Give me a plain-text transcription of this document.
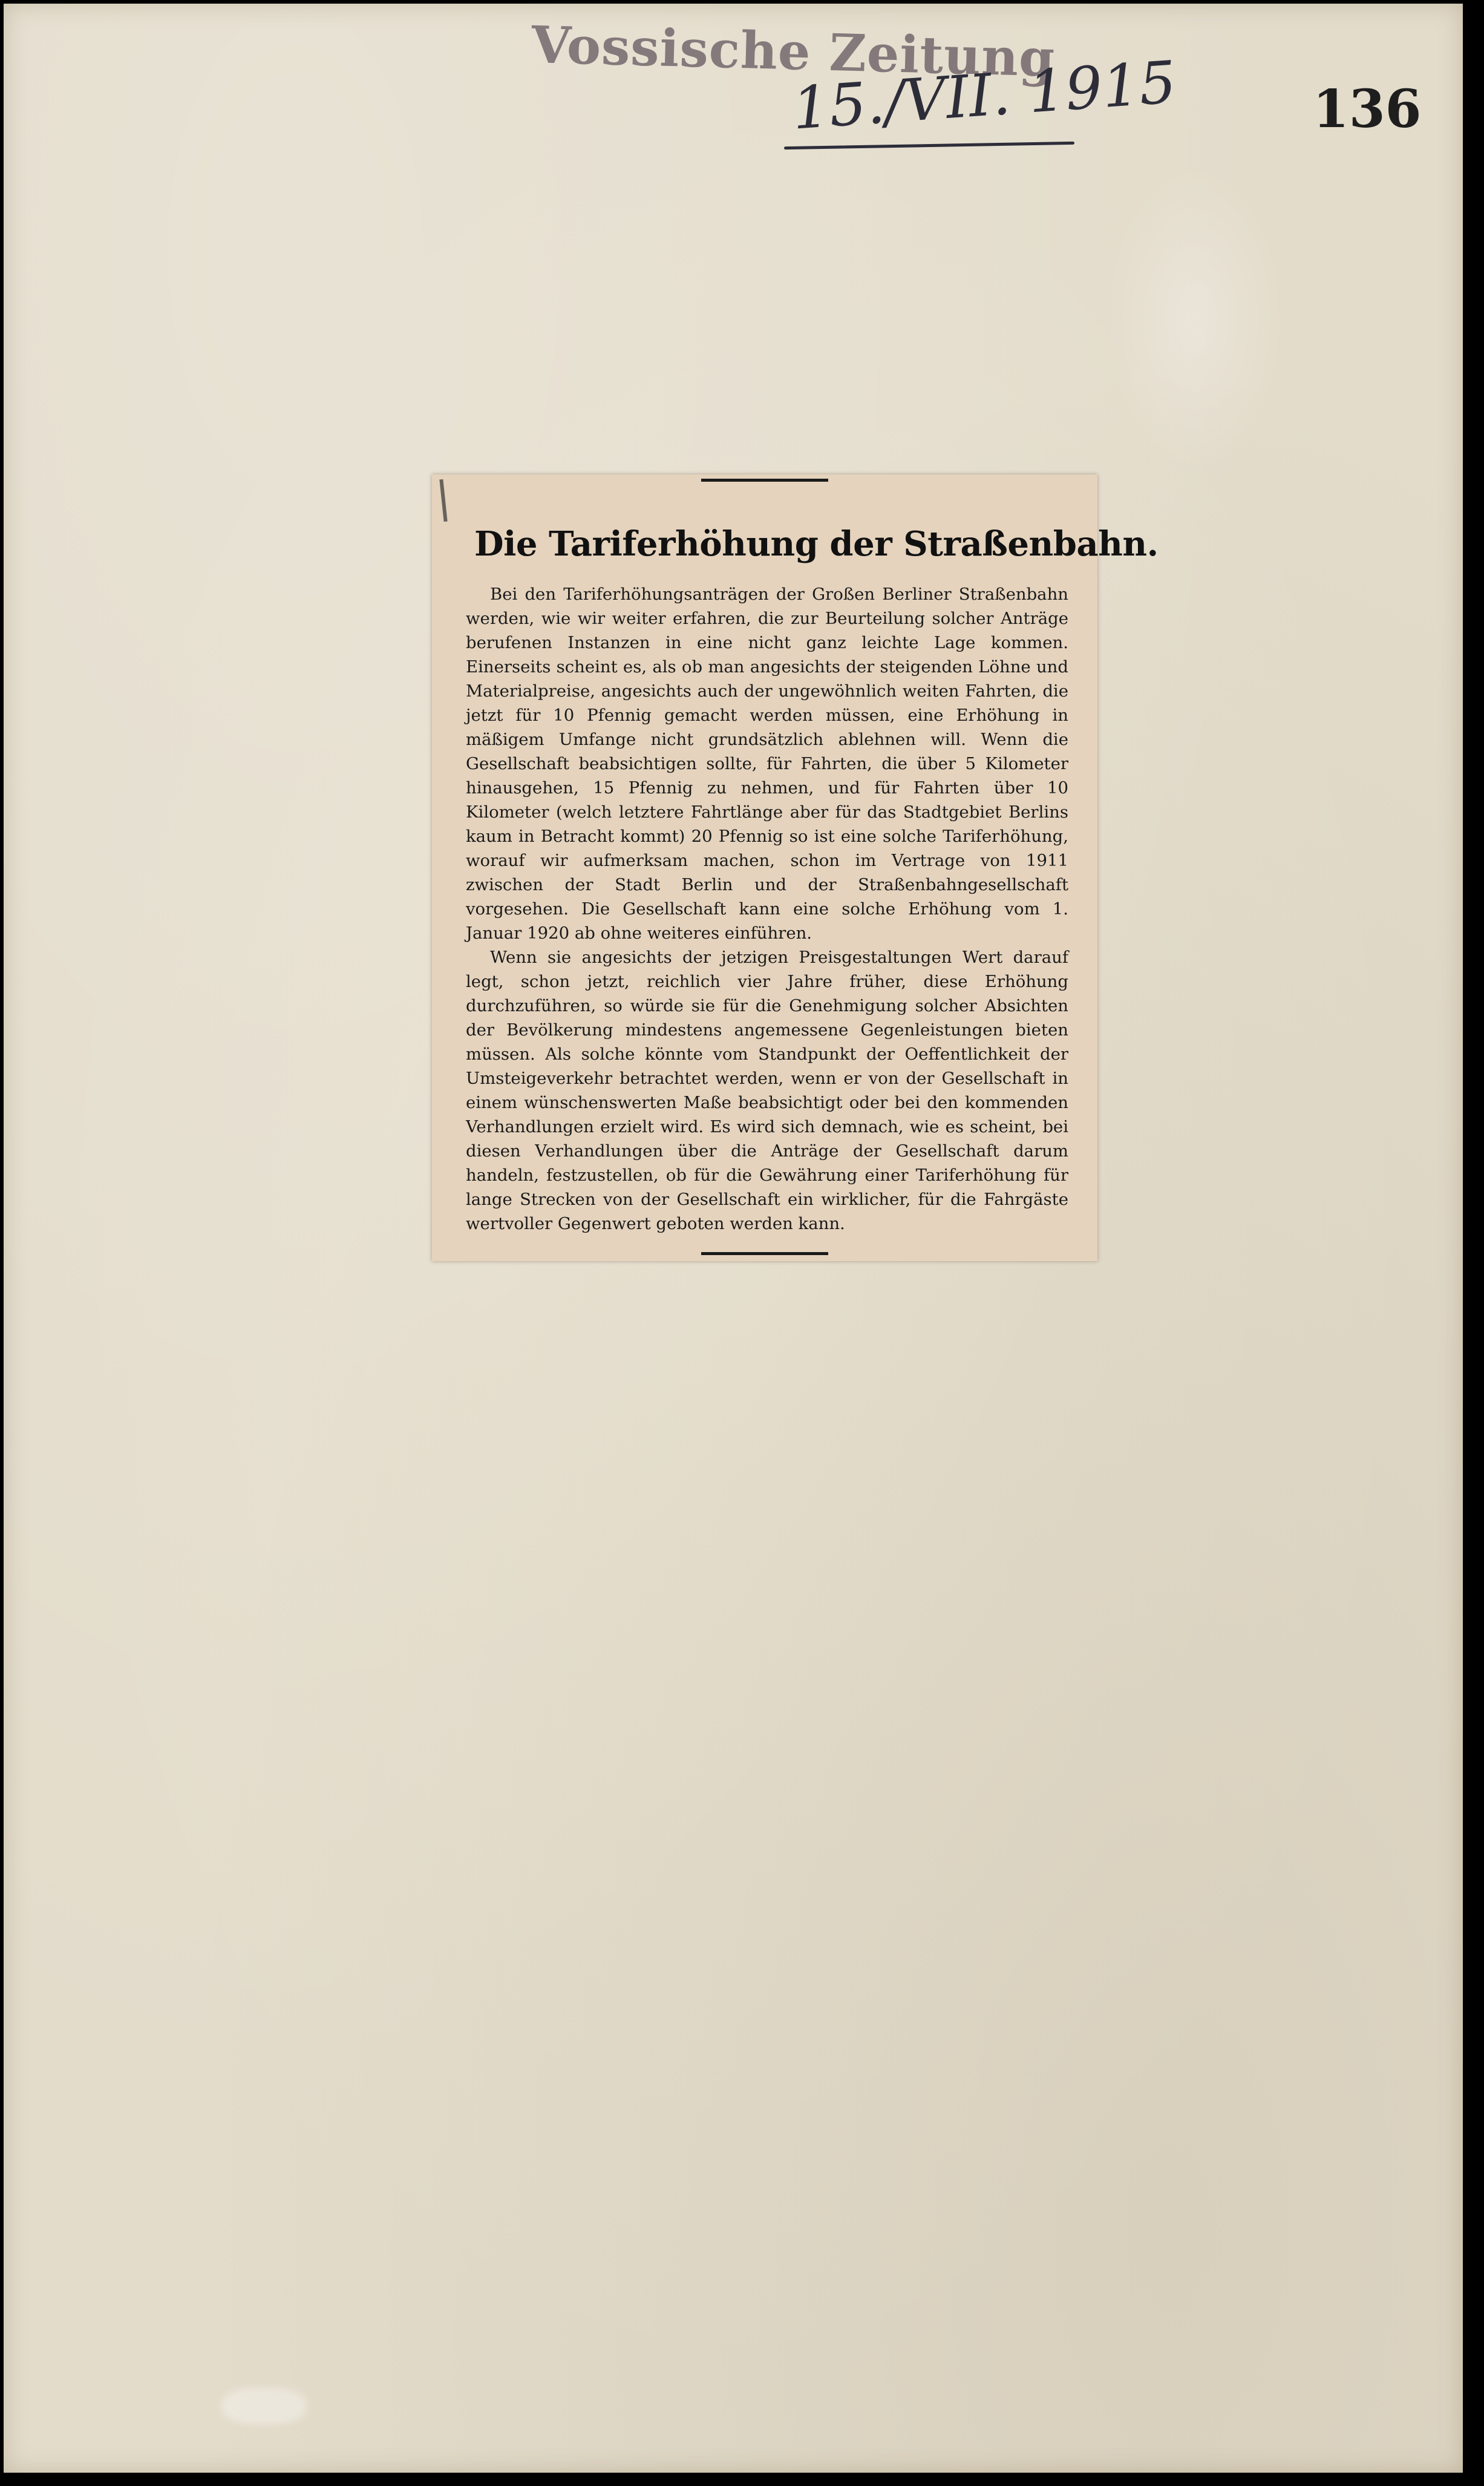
Vossische Zeitung
15./VII. 1915	136
Die Tariferhöhung der Straßenbahn.

Bei den Tariferhöhungsanträgen der Großen Berliner Straßenbahn werden, wie wir weiter erfahren, die zur Beurteilung solcher Anträge berufenen Instanzen in eine nicht ganz leichte Lage kommen. Einerseits scheint es, als ob man angesichts der steigenden Löhne und Materialpreise, angesichts auch der ungewöhnlich weiten Fahrten, die jetzt für 10 Pfennig gemacht werden müssen, eine Erhöhung in mäßigem Umfange nicht grundsätzlich ablehnen will. Wenn die Gesellschaft beabsichtigen sollte, für Fahrten, die über 5 Kilometer hinausgehen, 15 Pfennig zu nehmen, und für Fahrten über 10 Kilometer (welch letztere Fahrtlänge aber für das Stadtgebiet Berlins kaum in Betracht kommt) 20 Pfennig so ist eine solche Tariferhöhung, worauf wir aufmerksam machen, schon im Vertrage von 1911 zwischen der Stadt Berlin und der Straßenbahngesellschaft vorgesehen. Die Gesellschaft kann eine solche Erhöhung vom 1. Januar 1920 ab ohne weiteres einführen.

Wenn sie angesichts der jetzigen Preisgestaltungen Wert darauf legt, schon jetzt, reichlich vier Jahre früher, diese Erhöhung durchzuführen, so würde sie für die Genehmigung solcher Absichten der Bevölkerung mindestens angemessene Gegenleistungen bieten müssen. Als solche könnte vom Standpunkt der Oeffentlichkeit der Umsteigeverkehr betrachtet werden, wenn er von der Gesellschaft in einem wünschenswerten Maße beabsichtigt oder bei den kommenden Verhandlungen erzielt wird. Es wird sich demnach, wie es scheint, bei diesen Verhandlungen über die Anträge der Gesellschaft darum handeln, festzustellen, ob für die Gewährung einer Tariferhöhung für lange Strecken von der Gesellschaft ein wirklicher, für die Fahrgäste wertvoller Gegenwert geboten werden kann.
